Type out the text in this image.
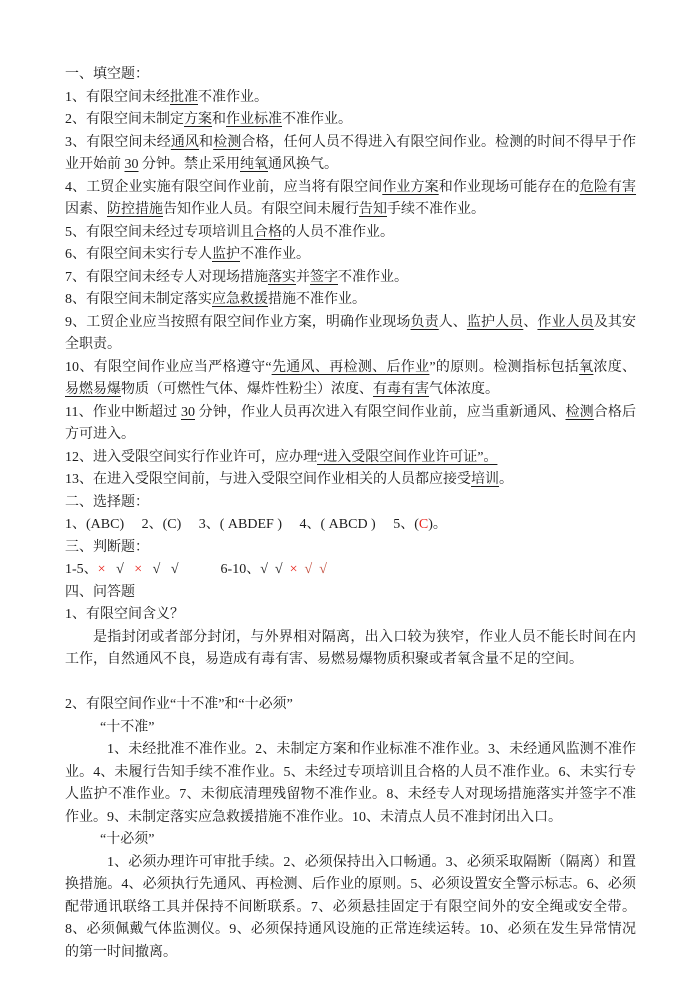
一、填空题：

1、有限空间未经批准不准作业。

2、有限空间未制定方案和作业标准不准作业。

3、有限空间未经通风和检测合格，任何人员不得进入有限空间作业。检测的时间不得早于作业开始前 30 分钟。禁止采用纯氧通风换气。

4、工贸企业实施有限空间作业前，应当将有限空间作业方案和作业现场可能存在的危险有害因素、防控措施告知作业人员。有限空间未履行告知手续不准作业。

5、有限空间未经过专项培训且合格的人员不准作业。

6、有限空间未实行专人监护不准作业。

7、有限空间未经专人对现场措施落实并签字不准作业。

8、有限空间未制定落实应急救援措施不准作业。

9、工贸企业应当按照有限空间作业方案，明确作业现场负责人、监护人员、作业人员及其安全职责。

10、有限空间作业应当严格遵守“先通风、再检测、后作业”的原则。检测指标包括氧浓度、易燃易爆物质（可燃性气体、爆炸性粉尘）浓度、有毒有害气体浓度。

11、作业中断超过 30 分钟，作业人员再次进入有限空间作业前，应当重新通风、检测合格后方可进入。

12、进入受限空间实行作业许可，应办理“进入受限空间作业许可证”。

13、在进入受限空间前，与进入受限空间作业相关的人员都应接受培训。

二、选择题：

1、(ABC)     2、(C)     3、( ABDEF )     4、( ABCD )     5、(C)。

三、判断题：

1-5、× √ × √ √            6-10、√ √ × √ √

四、问答题

1、有限空间含义？

是指封闭或者部分封闭，与外界相对隔离，出入口较为狭窄，作业人员不能长时间在内工作，自然通风不良，易造成有毒有害、易燃易爆物质积聚或者氧含量不足的空间。

2、有限空间作业“十不准”和“十必须”

“十不准”

1、未经批准不准作业。2、未制定方案和作业标准不准作业。3、未经通风监测不准作业。4、未履行告知手续不准作业。5、未经过专项培训且合格的人员不准作业。6、未实行专人监护不准作业。7、未彻底清理残留物不准作业。8、未经专人对现场措施落实并签字不准作业。9、未制定落实应急救援措施不准作业。10、未清点人员不准封闭出入口。

“十必须”

1、必须办理许可审批手续。2、必须保持出入口畅通。3、必须采取隔断（隔离）和置换措施。4、必须执行先通风、再检测、后作业的原则。5、必须设置安全警示标志。6、必须配带通讯联络工具并保持不间断联系。7、必须悬挂固定于有限空间外的安全绳或安全带。8、必须佩戴气体监测仪。9、必须保持通风设施的正常连续运转。10、必须在发生异常情况的第一时间撤离。
